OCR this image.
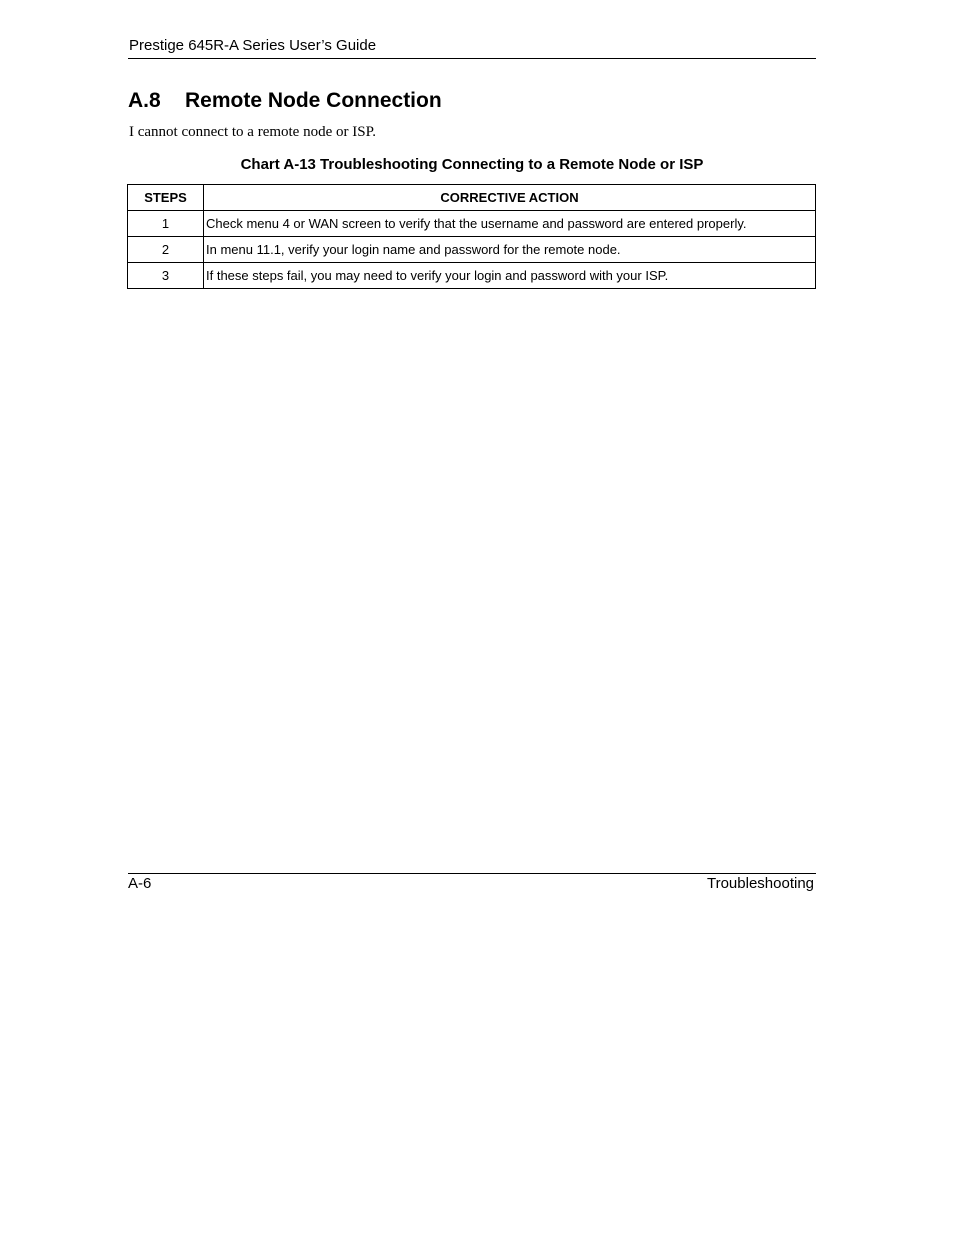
Prestige 645R-A Series User’s Guide
A.8 Remote Node Connection
I cannot connect to a remote node or ISP.
Chart A-13 Troubleshooting Connecting to a Remote Node or ISP
STEPS	CORRECTIVE ACTION
1	Check menu 4 or WAN screen to verify that the username and password are entered properly.
2	In menu 11.1, verify your login name and password for the remote node.
3	If these steps fail, you may need to verify your login and password with your ISP.
A-6	Troubleshooting
